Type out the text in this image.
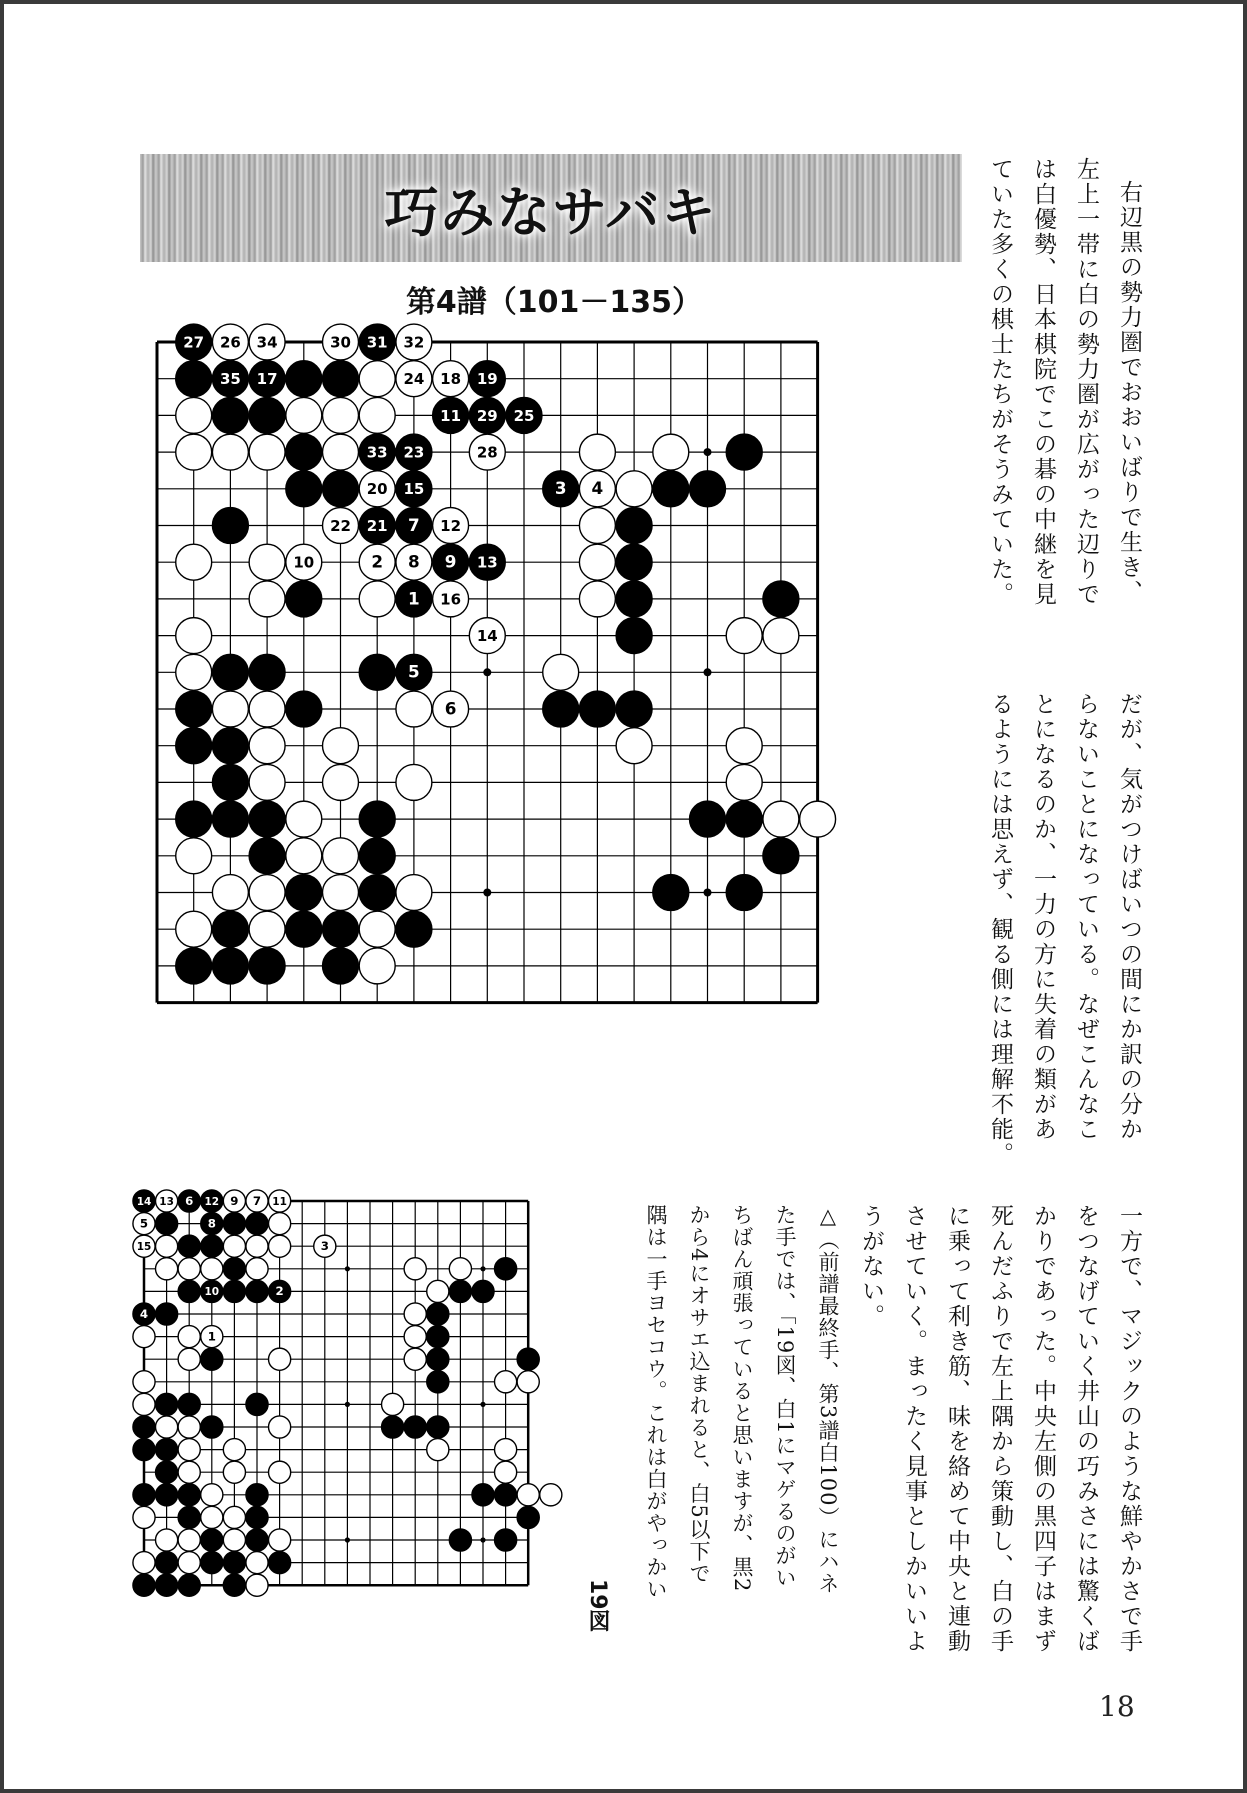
巧みなサバキ
第4譜（101－135）
27 26 34	30 31 32
35 17	24 18 19
11 29 25
33 23	28
20 15	3 4
22 21 7 12
10	2 8 9 13
1 16
14
5
6
右辺黒の勢力圏でおおいばりで生き、
左上一帯に白の勢力圏が広がった辺りで
は白優勢、日本棋院でこの碁の中継を見
ていた多くの棋士たちがそうみていた。
だが、気がつけばいつの間にか訳の分か
らないことになっている。なぜこんなこ
とになるのか、一力の方に失着の類があ
るようには思えず、観る側には理解不能。
一方で、マジックのような鮮やかさで手
をつなげていく井山の巧みさには驚くば
かりであった。中央左側の黒四子はまず
死んだふりで左上隅から策動し、白の手
に乗って利き筋、味を絡めて中央と連動
させていく。まったく見事としかいいよ
うがない。
△（前譜最終手、第3譜白100）にハネ
た手では、「19図、白1にマゲるのがい
ちばん頑張っていると思いますが、黒2
から4にオサエ込まれると、白5以下で
隅は一手ヨセコウ。これは白がやっかい
14 13 6 12 9 7 11
5	8
15	3
10	2
4
1
19図
18
